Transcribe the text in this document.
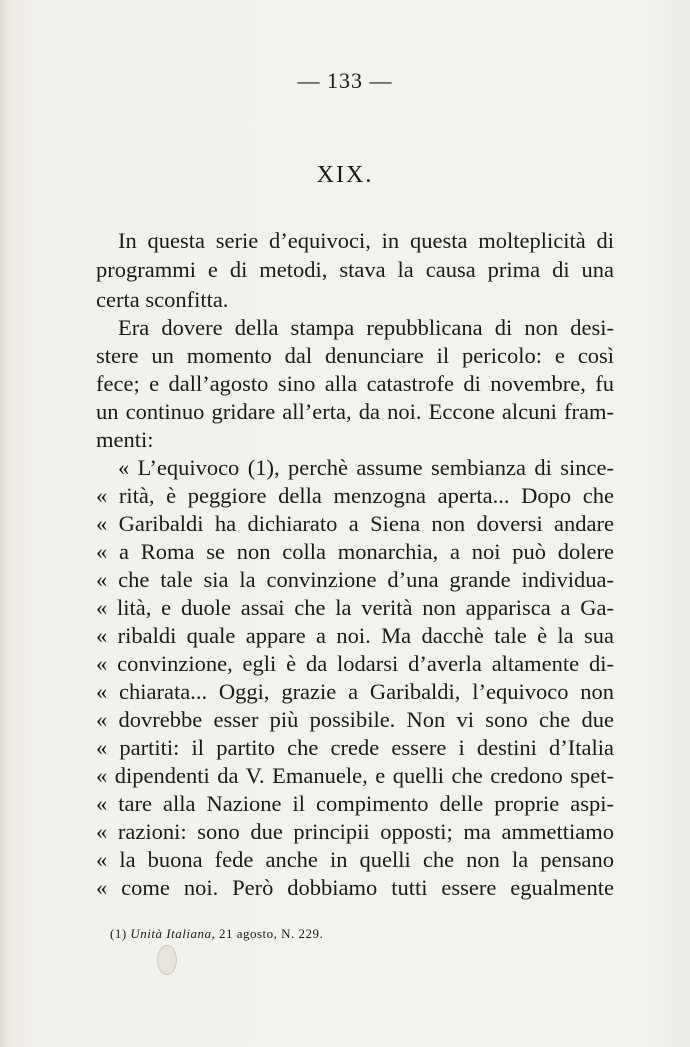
— 133 —
XIX.
In questa serie d’equivoci, in questa molteplicità di
programmi e di metodi, stava la causa prima di una
certa sconfitta.
Era dovere della stampa repubblicana di non desi-
stere un momento dal denunciare il pericolo: e così
fece; e dall’agosto sino alla catastrofe di novembre, fu
un continuo gridare all’erta, da noi. Eccone alcuni fram-
menti:
« L’equivoco (1), perchè assume sembianza di since-
« rità, è peggiore della menzogna aperta... Dopo che
« Garibaldi ha dichiarato a Siena non doversi andare
« a Roma se non colla monarchia, a noi può dolere
« che tale sia la convinzione d’una grande individua-
« lità, e duole assai che la verità non apparisca a Ga-
« ribaldi quale appare a noi. Ma dacchè tale è la sua
« convinzione, egli è da lodarsi d’averla altamente di-
« chiarata... Oggi, grazie a Garibaldi, l’equivoco non
« dovrebbe esser più possibile. Non vi sono che due
« partiti: il partito che crede essere i destini d’Italia
« dipendenti da V. Emanuele, e quelli che credono spet-
« tare alla Nazione il compimento delle proprie aspi-
« razioni: sono due principii opposti; ma ammettiamo
« la buona fede anche in quelli che non la pensano
« come noi. Però dobbiamo tutti essere egualmente
(1) Unità Italiana, 21 agosto, N. 229.
